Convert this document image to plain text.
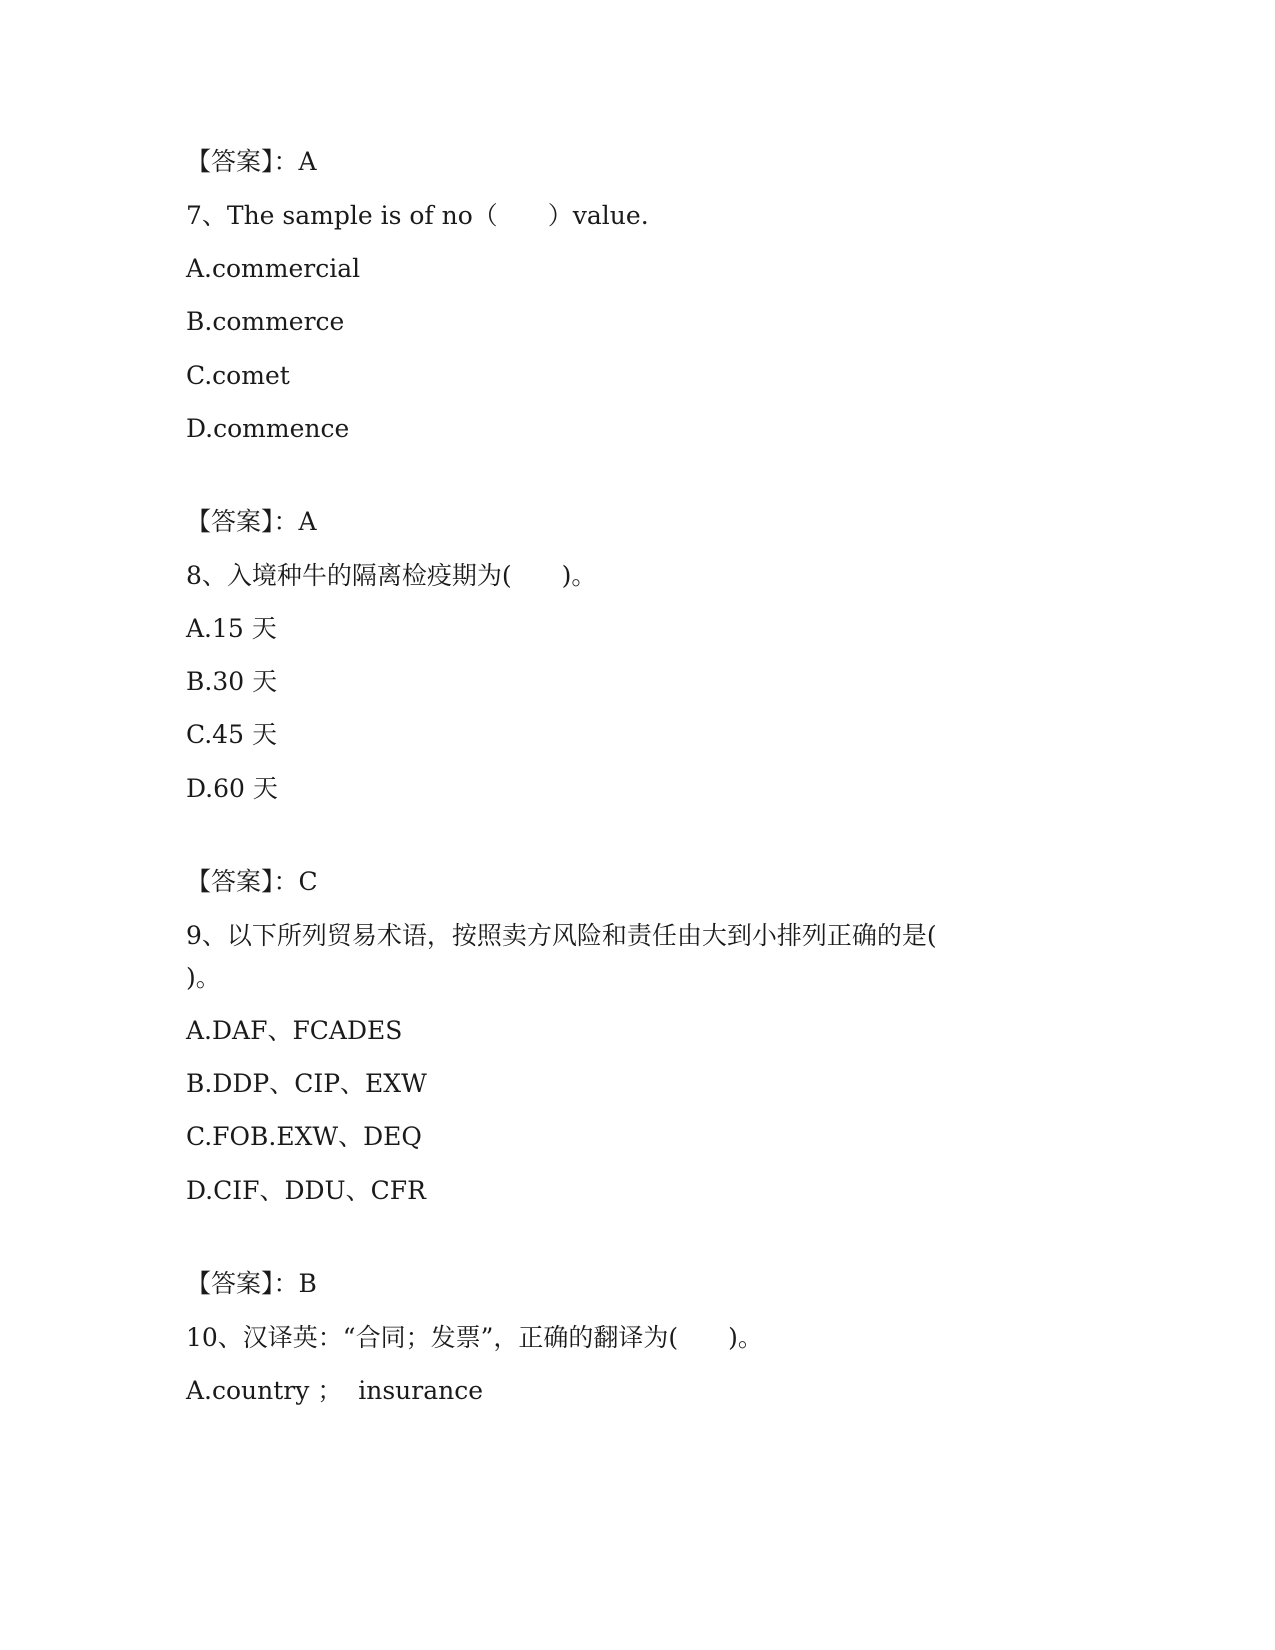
【答案】：A
7、The sample is of no（　　）value.
A.commercial
B.commerce
C.comet
D.commence
【答案】：A
8、入境种牛的隔离检疫期为(　　)。
A.15 天
B.30 天
C.45 天
D.60 天
【答案】：C
9、以下所列贸易术语，按照卖方风险和责任由大到小排列正确的是(
)。
A.DAF、FCADES
B.DDP、CIP、EXW
C.FOB.EXW、DEQ
D.CIF、DDU、CFR
【答案】：B
10、汉译英：“合同；发票”，正确的翻译为(　　)。
A.country ；  insurance
